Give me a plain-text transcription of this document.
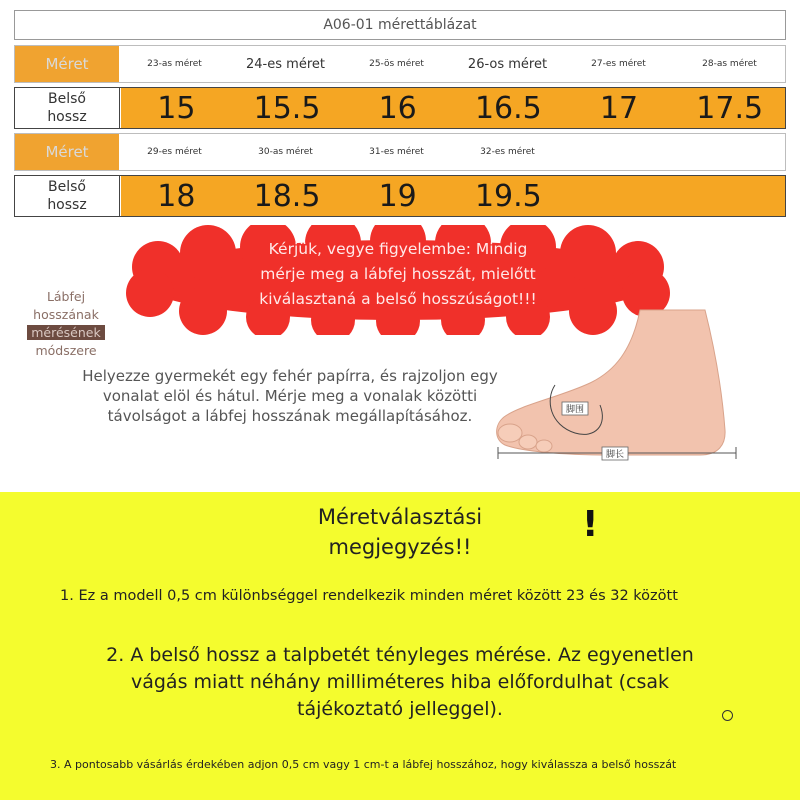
A06-01 mérettáblázat
Méret	23-as méret	24-es méret	25-ös méret	26-os méret	27-es méret	28-as méret
Belső
hossz	15	15.5	16	16.5	17	17.5
Méret	29-es méret	30-as méret	31-es méret	32-es méret
Belső
hossz	18	18.5	19	19.5
Kérjük, vegye figyelembe: Mindig
mérje meg a lábfej hosszát, mielőtt
kiválasztaná a belső hosszúságot!!!
Lábfej
hosszának
mérésének
módszere
Helyezze gyermekét egy fehér papírra, és rajzoljon egy
vonalat elöl és hátul. Mérje meg a vonalak közötti
távolságot a lábfej hosszának megállapításához.	脚围
脚长
Méretválasztási
megjegyzés!!
!
1. Ez a modell 0,5 cm különbséggel rendelkezik minden méret között 23 és 32 között
2. A belső hossz a talpbetét tényleges mérése. Az egyenetlen
vágás miatt néhány milliméteres hiba előfordulhat (csak
tájékoztató jelleggel).
3. A pontosabb vásárlás érdekében adjon 0,5 cm vagy 1 cm-t a lábfej hosszához, hogy kiválassza a belső hosszát
